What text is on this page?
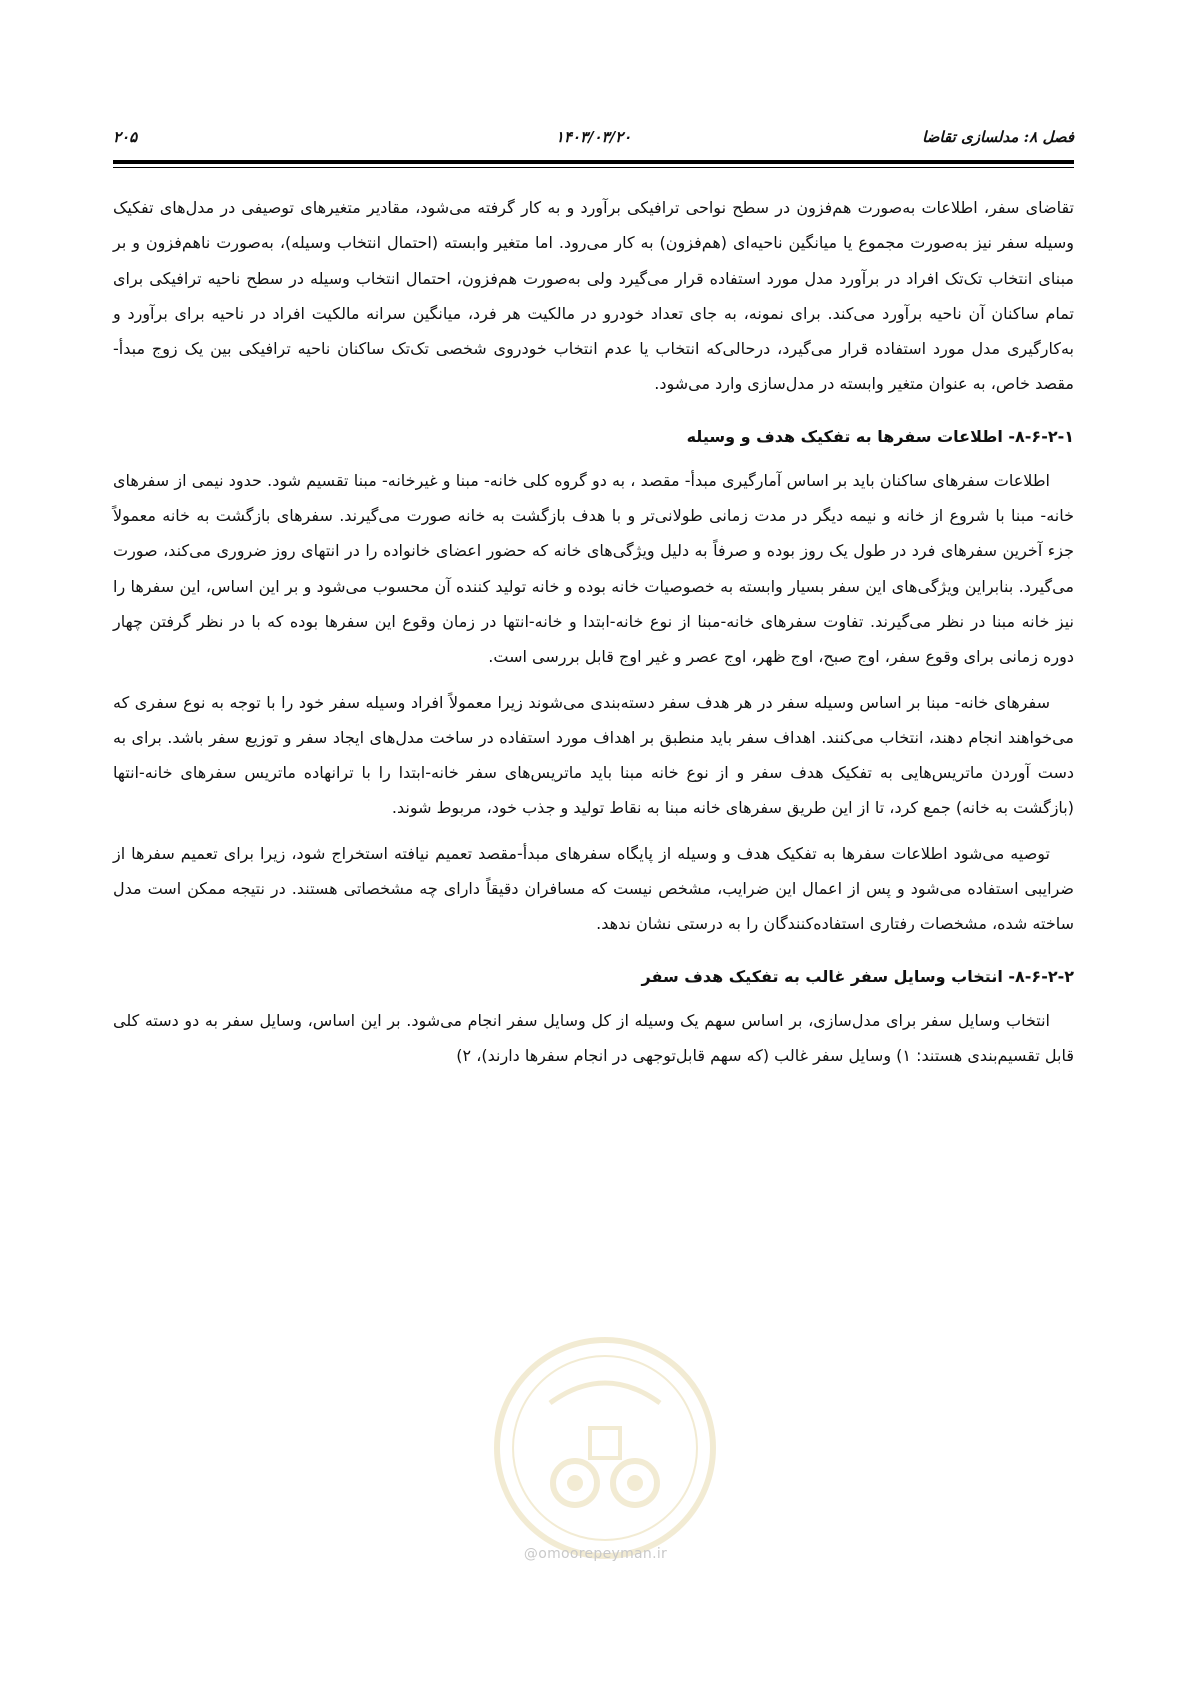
فصل ۸: مدلسازی تقاضا
۱۴۰۳/۰۳/۲۰
۲۰۵

تقاضای سفر، اطلاعات به‌صورت هم‌فزون در سطح نواحی ترافیکی برآورد و به کار گرفته می‌شود، مقادیر متغیرهای توصیفی در مدل‌های تفکیک وسیله سفر نیز به‌صورت مجموع یا میانگین ناحیه‌ای (هم‌فزون) به کار می‌رود. اما متغیر وابسته (احتمال انتخاب وسیله)، به‌صورت ناهم‌فزون و بر مبنای انتخاب تک‌تک افراد در برآورد مدل مورد استفاده قرار می‌گیرد ولی به‌صورت هم‌فزون، احتمال انتخاب وسیله در سطح ناحیه ترافیکی برای تمام ساکنان آن ناحیه برآورد می‌کند. برای نمونه، به جای تعداد خودرو در مالکیت هر فرد، میانگین سرانه مالکیت افراد در ناحیه برای برآورد و به‌کارگیری مدل مورد استفاده قرار می‌گیرد، درحالی‌که انتخاب یا عدم انتخاب خودروی شخصی تک‌تک ساکنان ناحیه ترافیکی بین یک زوج مبدأ-مقصد خاص، به عنوان متغیر وابسته در مدل‌سازی وارد می‌شود.

۸-۶-۲-۱- اطلاعات سفرها به تفکیک هدف و وسیله

اطلاعات سفرهای ساکنان باید بر اساس آمارگیری مبدأ- مقصد ، به دو گروه کلی خانه- مبنا و غیرخانه- مبنا تقسیم شود. حدود نیمی از سفرهای خانه- مبنا با شروع از خانه و نیمه دیگر در مدت زمانی طولانی‌تر و با هدف بازگشت به خانه صورت می‌گیرند. سفرهای بازگشت به خانه معمولاً جزء آخرین سفرهای فرد در طول یک روز بوده و صرفاً به دلیل ویژگی‌های خانه که حضور اعضای خانواده را در انتهای روز ضروری می‌کند، صورت می‌گیرد. بنابراین ویژگی‌های این سفر بسیار وابسته به خصوصیات خانه بوده و خانه تولید کننده آن محسوب می‌شود و بر این اساس، این سفرها را نیز خانه مبنا در نظر می‌گیرند. تفاوت سفرهای خانه-مبنا از نوع خانه-ابتدا و خانه-انتها در زمان وقوع این سفرها بوده که با در نظر گرفتن چهار دوره زمانی برای وقوع سفر، اوج صبح، اوج ظهر، اوج عصر و غیر اوج قابل بررسی است.

سفرهای خانه- مبنا بر اساس وسیله سفر در هر هدف سفر دسته‌بندی می‌شوند زیرا معمولاً افراد وسیله سفر خود را با توجه به نوع سفری که می‌خواهند انجام دهند، انتخاب می‌کنند. اهداف سفر باید منطبق بر اهداف مورد استفاده در ساخت مدل‌های ایجاد سفر و توزیع سفر باشد. برای به دست آوردن ماتریس‌هایی به تفکیک هدف سفر و از نوع خانه مبنا باید ماتریس‌های سفر خانه-ابتدا را با ترانهاده ماتریس سفرهای خانه-انتها (بازگشت به خانه) جمع کرد، تا از این طریق سفرهای خانه مبنا به نقاط تولید و جذب خود، مربوط شوند.

توصیه می‌شود اطلاعات سفرها به تفکیک هدف و وسیله از پایگاه سفرهای مبدأ-مقصد تعمیم نیافته استخراج شود، زیرا برای تعمیم سفرها از ضرایبی استفاده می‌شود و پس از اعمال این ضرایب، مشخص نیست که مسافران دقیقاً دارای چه مشخصاتی هستند. در نتیجه ممکن است مدل ساخته شده، مشخصات رفتاری استفاده‌کنندگان را به درستی نشان ندهد.

۸-۶-۲-۲- انتخاب وسایل سفر غالب به تفکیک هدف سفر

انتخاب وسایل سفر برای مدل‌سازی، بر اساس سهم یک وسیله از کل وسایل سفر انجام می‌شود. بر این اساس، وسایل سفر به دو دسته کلی قابل تقسیم‌بندی هستند: ۱) وسایل سفر غالب (که سهم قابل‌توجهی در انجام سفرها دارند)، ۲)

@omoorepeyman.ir
